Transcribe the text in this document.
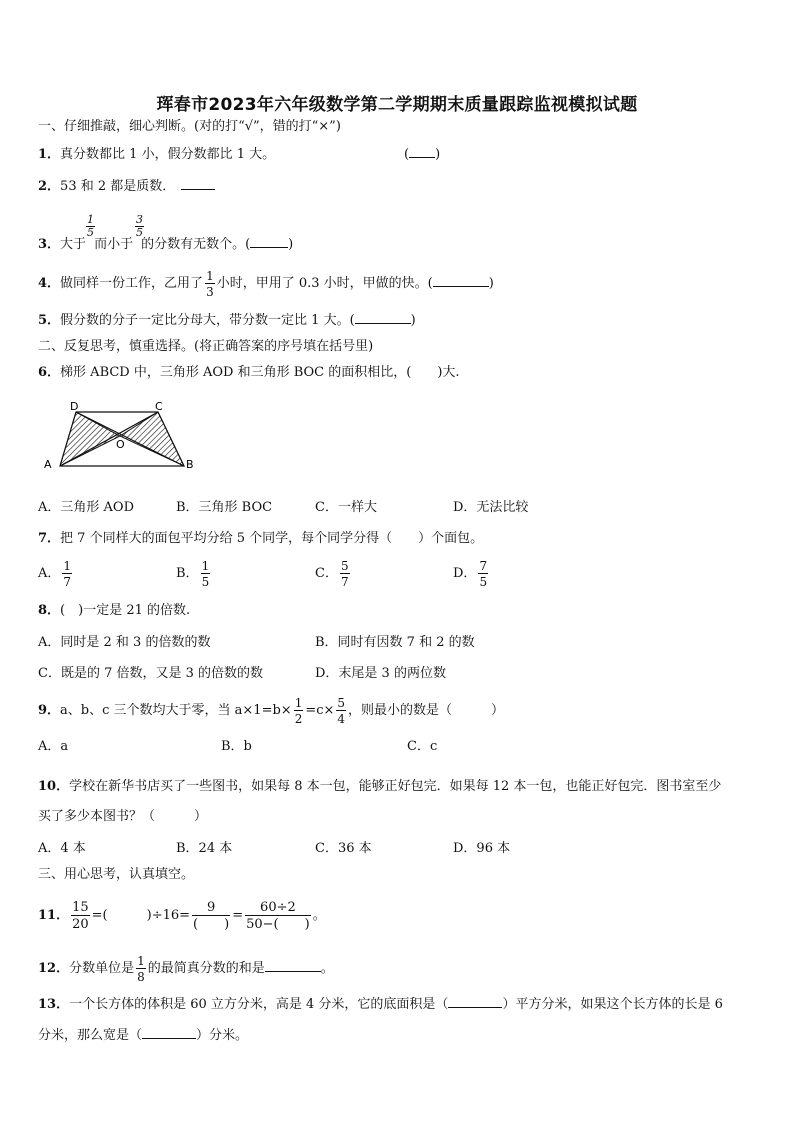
珲春市2023年六年级数学第二学期期末质量跟踪监视模拟试题
一、仔细推敲，细心判断。(对的打“√”，错的打“×”)
1．真分数都比 1 小，假分数都比 1 大。	( )
2．53 和 2 都是质数．
3．大于 而小于 的分数有无数个。(	)
$\frac{1}{5}$	$\frac{3}{5}$
4．做同样一份工作，乙用了 $\frac{1}{3}$ 小时，甲用了 0.3 小时，甲做的快。(	)
5．假分数的分子一定比分母大，带分数一定比 1 大。(	)
二、反复思考，慎重选择。(将正确答案的序号填在括号里)
6．梯形 ABCD 中，三角形 AOD 和三角形 BOC 的面积相比，(　　)大.
A	B
C
D
O
A．三角形 AOD	B．三角形 BOC	C．一样大	D．无法比较
7．把 7 个同样大的面包平均分给 5 个同学，每个同学分得（　　）个面包。
A． $\frac{1}{7}$	B． $\frac{1}{5}$	C． $\frac{5}{7}$	D． $\frac{7}{5}$
8．(　)一定是 21 的倍数.
A．同时是 2 和 3 的倍数的数	B．同时有因数 7 和 2 的数
C．既是的 7 倍数，又是 3 的倍数的数	D．末尾是 3 的两位数
9．a、b、c 三个数均大于零，当 $a\times 1=b\times \frac{1}{2} =c\times \frac{5}{4}$ ，则最小的数是（　　　）
A．a	B．b	C．c
10．学校在新华书店买了一些图书，如果每 8 本一包，能够正好包完．如果每 12 本一包，也能正好包完．图书室至少
买了多少本图书？（　　　）
A．4 本	B．24 本	C．36 本	D．96 本
三、用心思考，认真填空。
11． $\frac{15}{20}$ =(　　　)$\div 16= \frac{9}{( )} = \frac{60\div 2}{50-( )}$ 。
12．分数单位是 $\frac{1}{8}$ 的最简真分数的和是	。
13．一个长方体的体积是 60 立方分米，高是 4 分米，它的底面积是（	）平方分米，如果这个长方体的长是 6
分米，那么宽是（	）分米。
